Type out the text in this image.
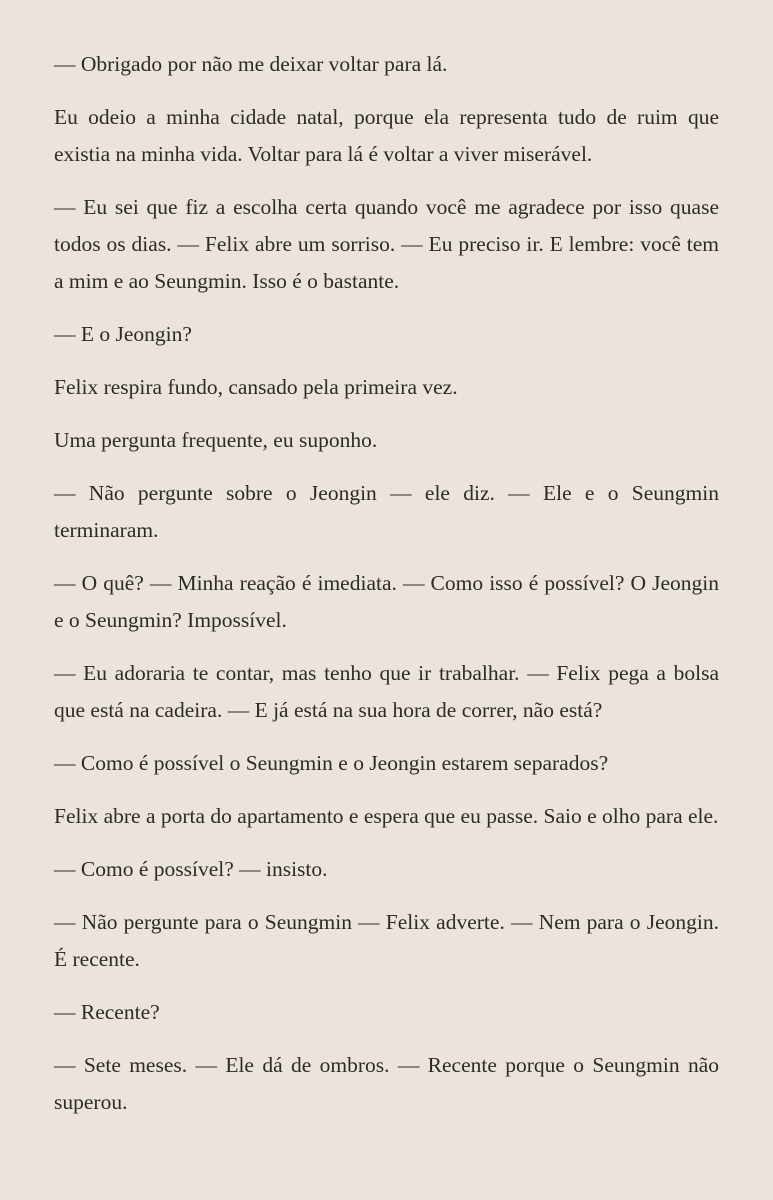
— Obrigado por não me deixar voltar para lá.

Eu odeio a minha cidade natal, porque ela representa tudo de ruim que existia na minha vida. Voltar para lá é voltar a viver miserável.

— Eu sei que fiz a escolha certa quando você me agradece por isso quase todos os dias. — Felix abre um sorriso. — Eu preciso ir. E lembre: você tem a mim e ao Seungmin. Isso é o bastante.

— E o Jeongin?

Felix respira fundo, cansado pela primeira vez.

Uma pergunta frequente, eu suponho.

— Não pergunte sobre o Jeongin — ele diz. — Ele e o Seungmin terminaram.

— O quê? — Minha reação é imediata. — Como isso é possível? O Jeongin e o Seungmin? Impossível.

— Eu adoraria te contar, mas tenho que ir trabalhar. — Felix pega a bolsa que está na cadeira. — E já está na sua hora de correr, não está?

— Como é possível o Seungmin e o Jeongin estarem separados?

Felix abre a porta do apartamento e espera que eu passe. Saio e olho para ele.

— Como é possível? — insisto.

— Não pergunte para o Seungmin — Felix adverte. — Nem para o Jeongin. É recente.

— Recente?

— Sete meses. — Ele dá de ombros. — Recente porque o Seungmin não superou.
